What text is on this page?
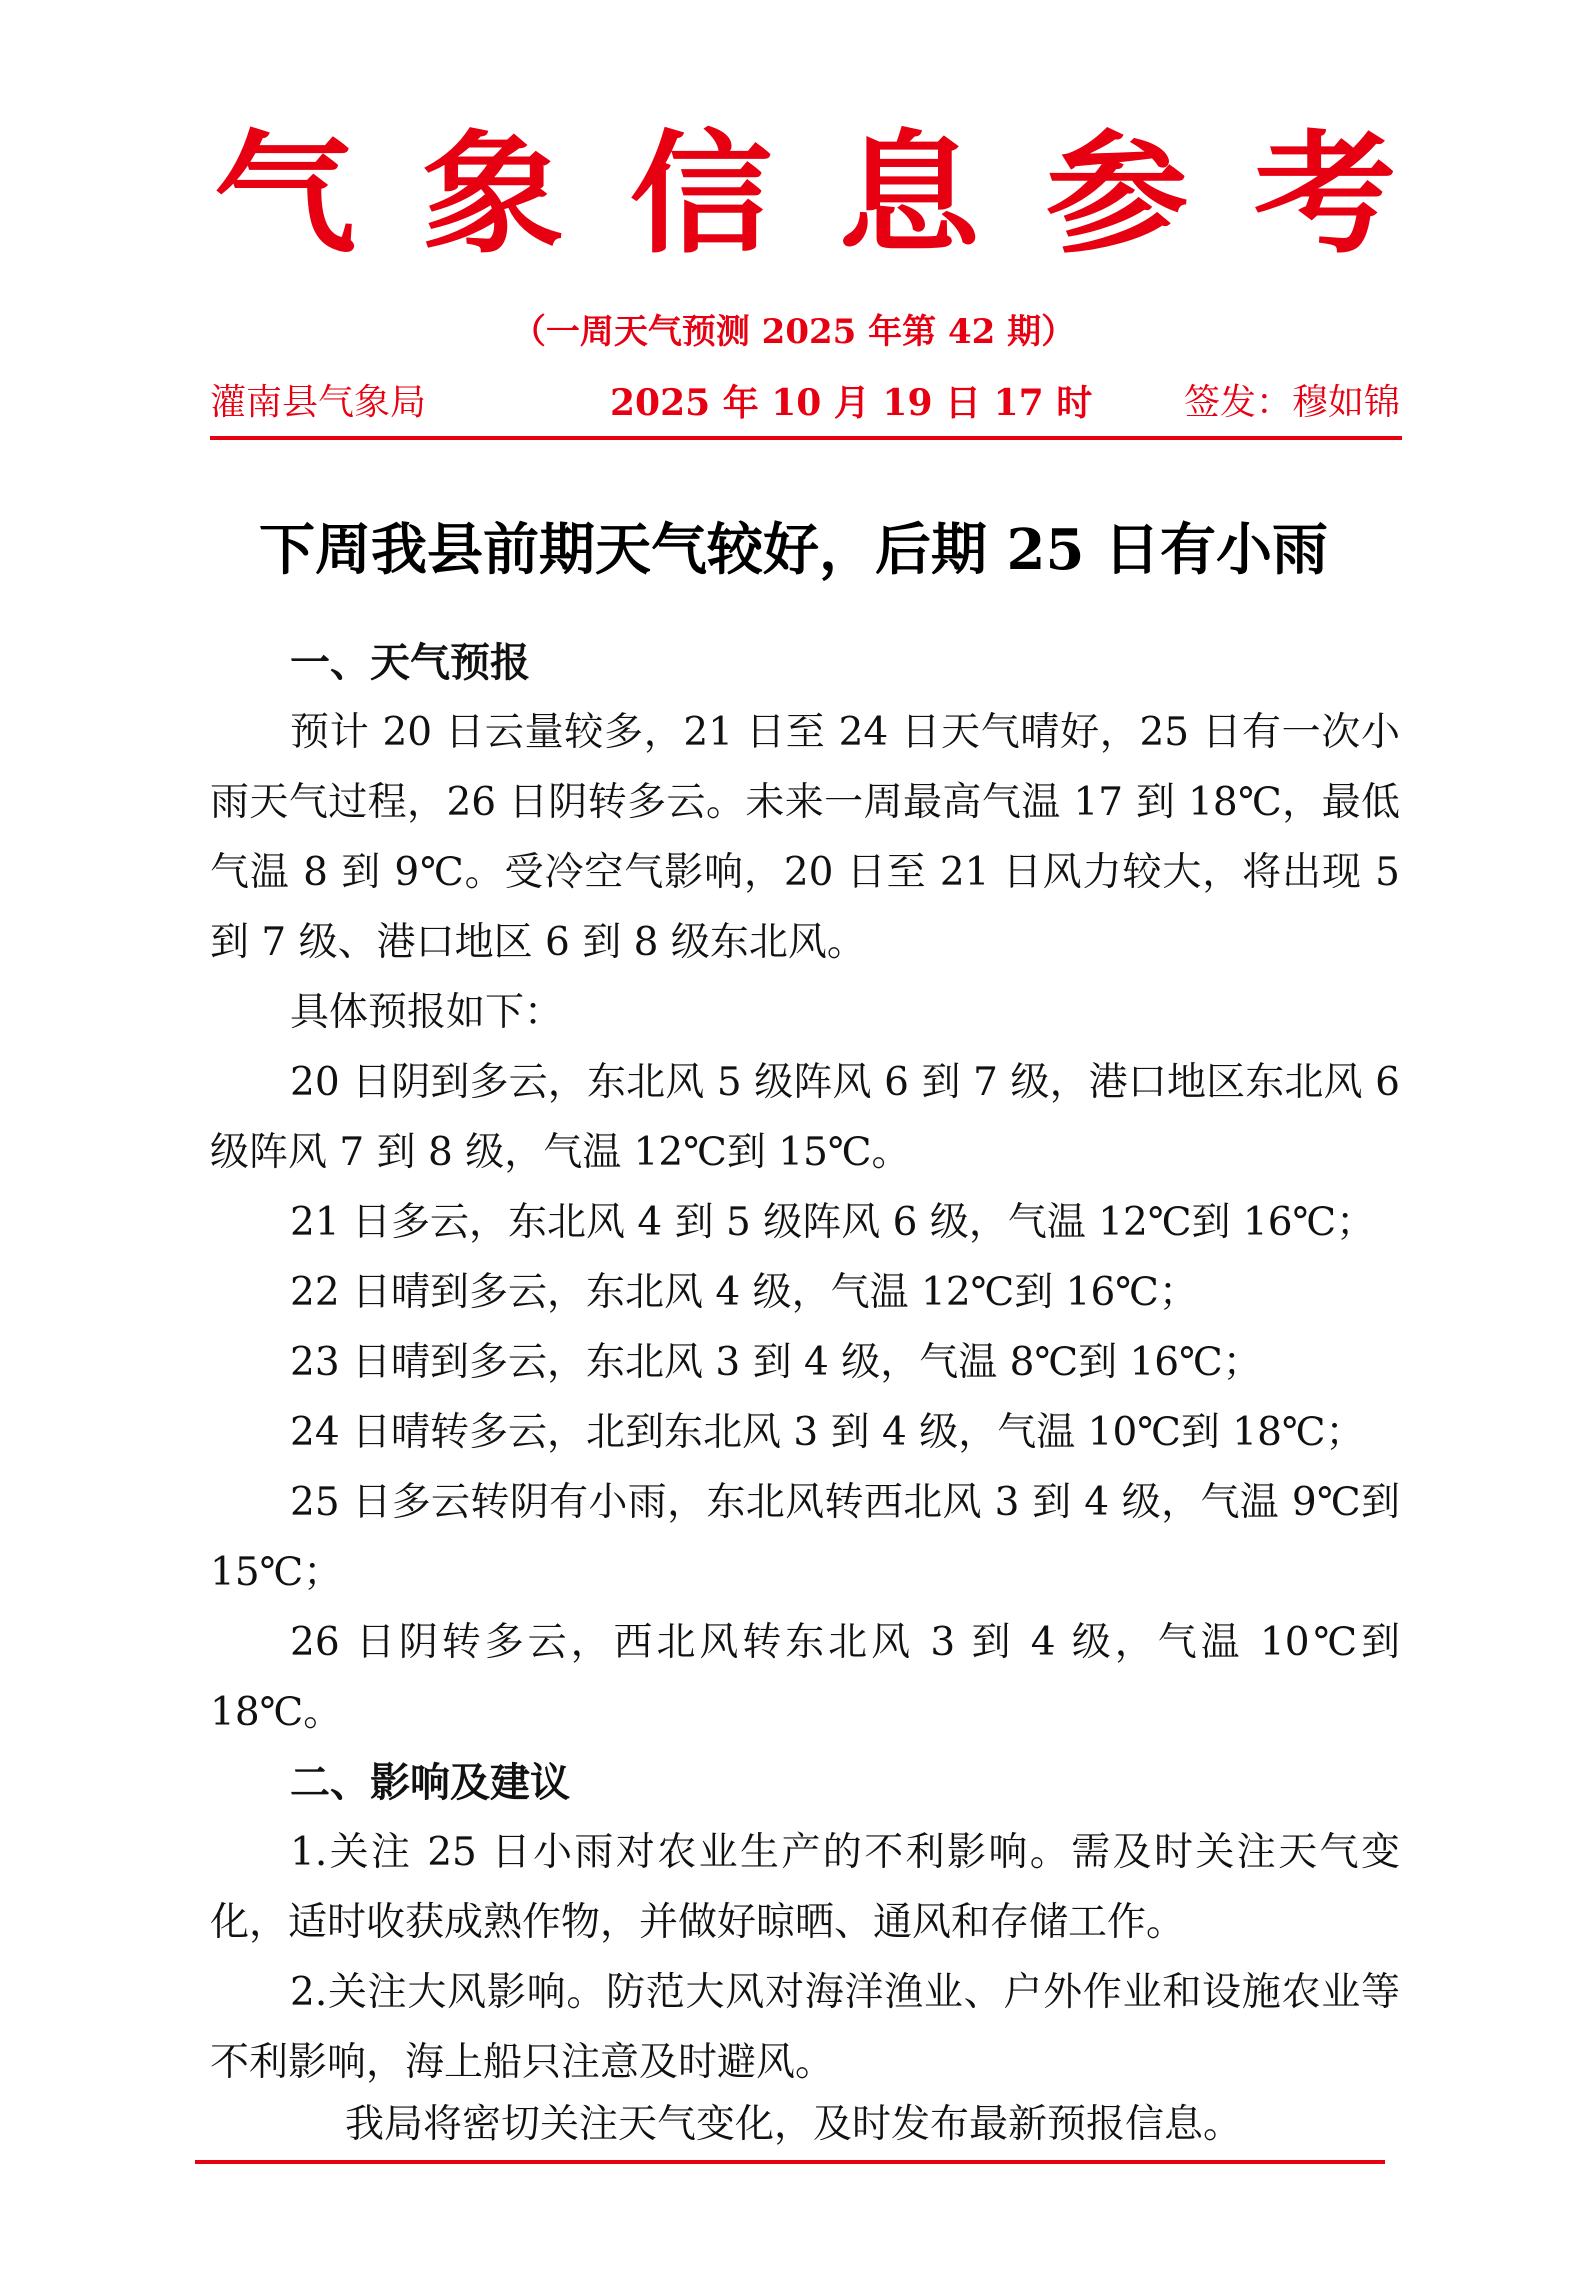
气 象 信 息 参 考
（一周天气预测 2025 年第 42 期）
灌南县气象局	2025 年 10 月 19 日 17 时	签发：穆如锦
下周我县前期天气较好，后期 25 日有小雨
一、天气预报

预计 20 日云量较多，21 日至 24 日天气晴好，25 日有一次小雨天气过程，26 日阴转多云。未来一周最高气温 17 到 18℃，最低气温 8 到 9℃。受冷空气影响，20 日至 21 日风力较大，将出现 5 到 7 级、港口地区 6 到 8 级东北风。

具体预报如下：

20 日阴到多云，东北风 5 级阵风 6 到 7 级，港口地区东北风 6 级阵风 7 到 8 级，气温 12℃到 15℃。

21 日多云，东北风 4 到 5 级阵风 6 级，气温 12℃到 16℃；

22 日晴到多云，东北风 4 级，气温 12℃到 16℃；

23 日晴到多云，东北风 3 到 4 级，气温 8℃到 16℃；

24 日晴转多云，北到东北风 3 到 4 级，气温 10℃到 18℃；

25 日多云转阴有小雨，东北风转西北风 3 到 4 级，气温 9℃到 15℃；

26 日阴转多云，西北风转东北风 3 到 4 级，气温 10℃到 18℃。

二、影响及建议

1.关注 25 日小雨对农业生产的不利影响。需及时关注天气变化，适时收获成熟作物，并做好晾晒、通风和存储工作。

2.关注大风影响。防范大风对海洋渔业、户外作业和设施农业等不利影响，海上船只注意及时避风。

我局将密切关注天气变化，及时发布最新预报信息。
